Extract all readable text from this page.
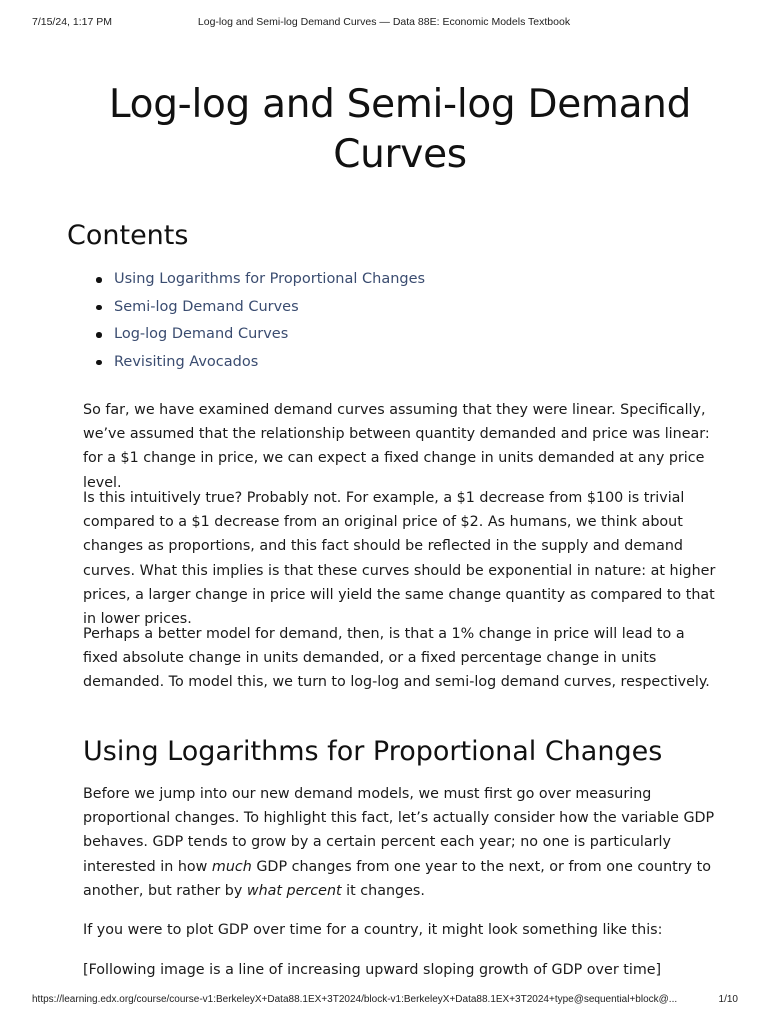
7/15/24, 1:17 PM	Log-log and Semi-log Demand Curves — Data 88E: Economic Models Textbook
Log-log and Semi-log Demand Curves
Contents
Using Logarithms for Proportional Changes
Semi-log Demand Curves
Log-log Demand Curves
Revisiting Avocados

So far, we have examined demand curves assuming that they were linear. Specifically, we’ve assumed that the relationship between quantity demanded and price was linear: for a $1 change in price, we can expect a fixed change in units demanded at any price level.

Is this intuitively true? Probably not. For example, a $1 decrease from $100 is trivial compared to a $1 decrease from an original price of $2. As humans, we think about changes as proportions, and this fact should be reflected in the supply and demand curves. What this implies is that these curves should be exponential in nature: at higher prices, a larger change in price will yield the same change quantity as compared to that in lower prices.

Perhaps a better model for demand, then, is that a 1% change in price will lead to a fixed absolute change in units demanded, or a fixed percentage change in units demanded. To model this, we turn to log-log and semi-log demand curves, respectively.

Using Logarithms for Proportional Changes

Before we jump into our new demand models, we must first go over measuring proportional changes. To highlight this fact, let’s actually consider how the variable GDP behaves. GDP tends to grow by a certain percent each year; no one is particularly interested in how much GDP changes from one year to the next, or from one country to another, but rather by what percent it changes.

If you were to plot GDP over time for a country, it might look something like this:

[Following image is a line of increasing upward sloping growth of GDP over time]

https://learning.edx.org/course/course-v1:BerkeleyX+Data88.1EX+3T2024/block-v1:BerkeleyX+Data88.1EX+3T2024+type@sequential+block@...	1/10
